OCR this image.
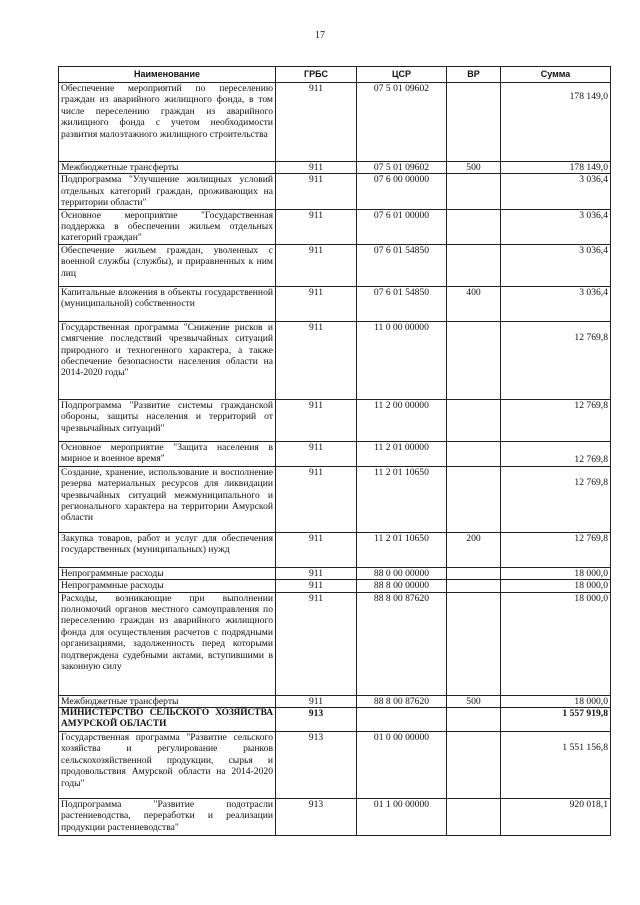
17
Наименование	ГРБС	ЦСР	ВР	Сумма
Обеспечение мероприятий по переселению граждан из аварийного жилищного фонда, в том числе переселению граждан из аварийного жилищного фонда с учетом необходимости развития малоэтажного жилищного строительства	911	07 5 01 09602		178 149,0
Межбюджетные трансферты	911	07 5 01 09602	500	178 149,0
Подпрограмма "Улучшение жилищных условий отдельных категорий граждан, проживающих на территории области"	911	07 6 00 00000		3 036,4
Основное мероприятие "Государственная поддержка в обеспечении жильем отдельных категорий граждан"	911	07 6 01 00000		3 036,4
Обеспечение жильем граждан, уволенных с военной службы (службы), и приравненных к ним лиц	911	07 6 01 54850		3 036,4
Капитальные вложения в объекты государственной (муниципальной) собственности	911	07 6 01 54850	400	3 036,4
Государственная программа "Снижение рисков и смягчение последствий чрезвычайных ситуаций природного и техногенного характера, а также обеспечение безопасности населения области на 2014-2020 годы"	911	11 0 00 00000		12 769,8
Подпрограмма "Развитие системы гражданской обороны, защиты населения и территорий от чрезвычайных ситуаций"	911	11 2 00 00000		12 769,8
Основное мероприятие "Защита населения в мирное и военное время"	911	11 2 01 00000		12 769,8
Создание, хранение, использование и восполнение резерва материальных ресурсов для ликвидации чрезвычайных ситуаций межмуниципального и регионального характера на территории Амурской области	911	11 2 01 10650		12 769,8
Закупка товаров, работ и услуг для обеспечения государственных (муниципальных) нужд	911	11 2 01 10650	200	12 769,8
Непрограммные расходы	911	88 0 00 00000		18 000,0
Непрограммные расходы	911	88 8 00 00000		18 000,0
Расходы, возникающие при выполнении полномочий органов местного самоуправления по переселению граждан из аварийного жилищного фонда для осуществления расчетов с подрядными организациями, задолженность перед которыми подтверждена судебными актами, вступившими в законную силу	911	88 8 00 87620		18 000,0
Межбюджетные трансферты	911	88 8 00 87620	500	18 000,0
МИНИСТЕРСТВО СЕЛЬСКОГО ХОЗЯЙСТВА АМУРСКОЙ ОБЛАСТИ	913			1 557 919,8
Государственная программа "Развитие сельского хозяйства и регулирование рынков сельскохозяйственной продукции, сырья и продовольствия Амурской области на 2014-2020 годы"	913	01 0 00 00000		1 551 156,8
Подпрограмма "Развитие подотрасли растениеводства, переработки и реализации продукции растениеводства"	913	01 1 00 00000		920 018,1
